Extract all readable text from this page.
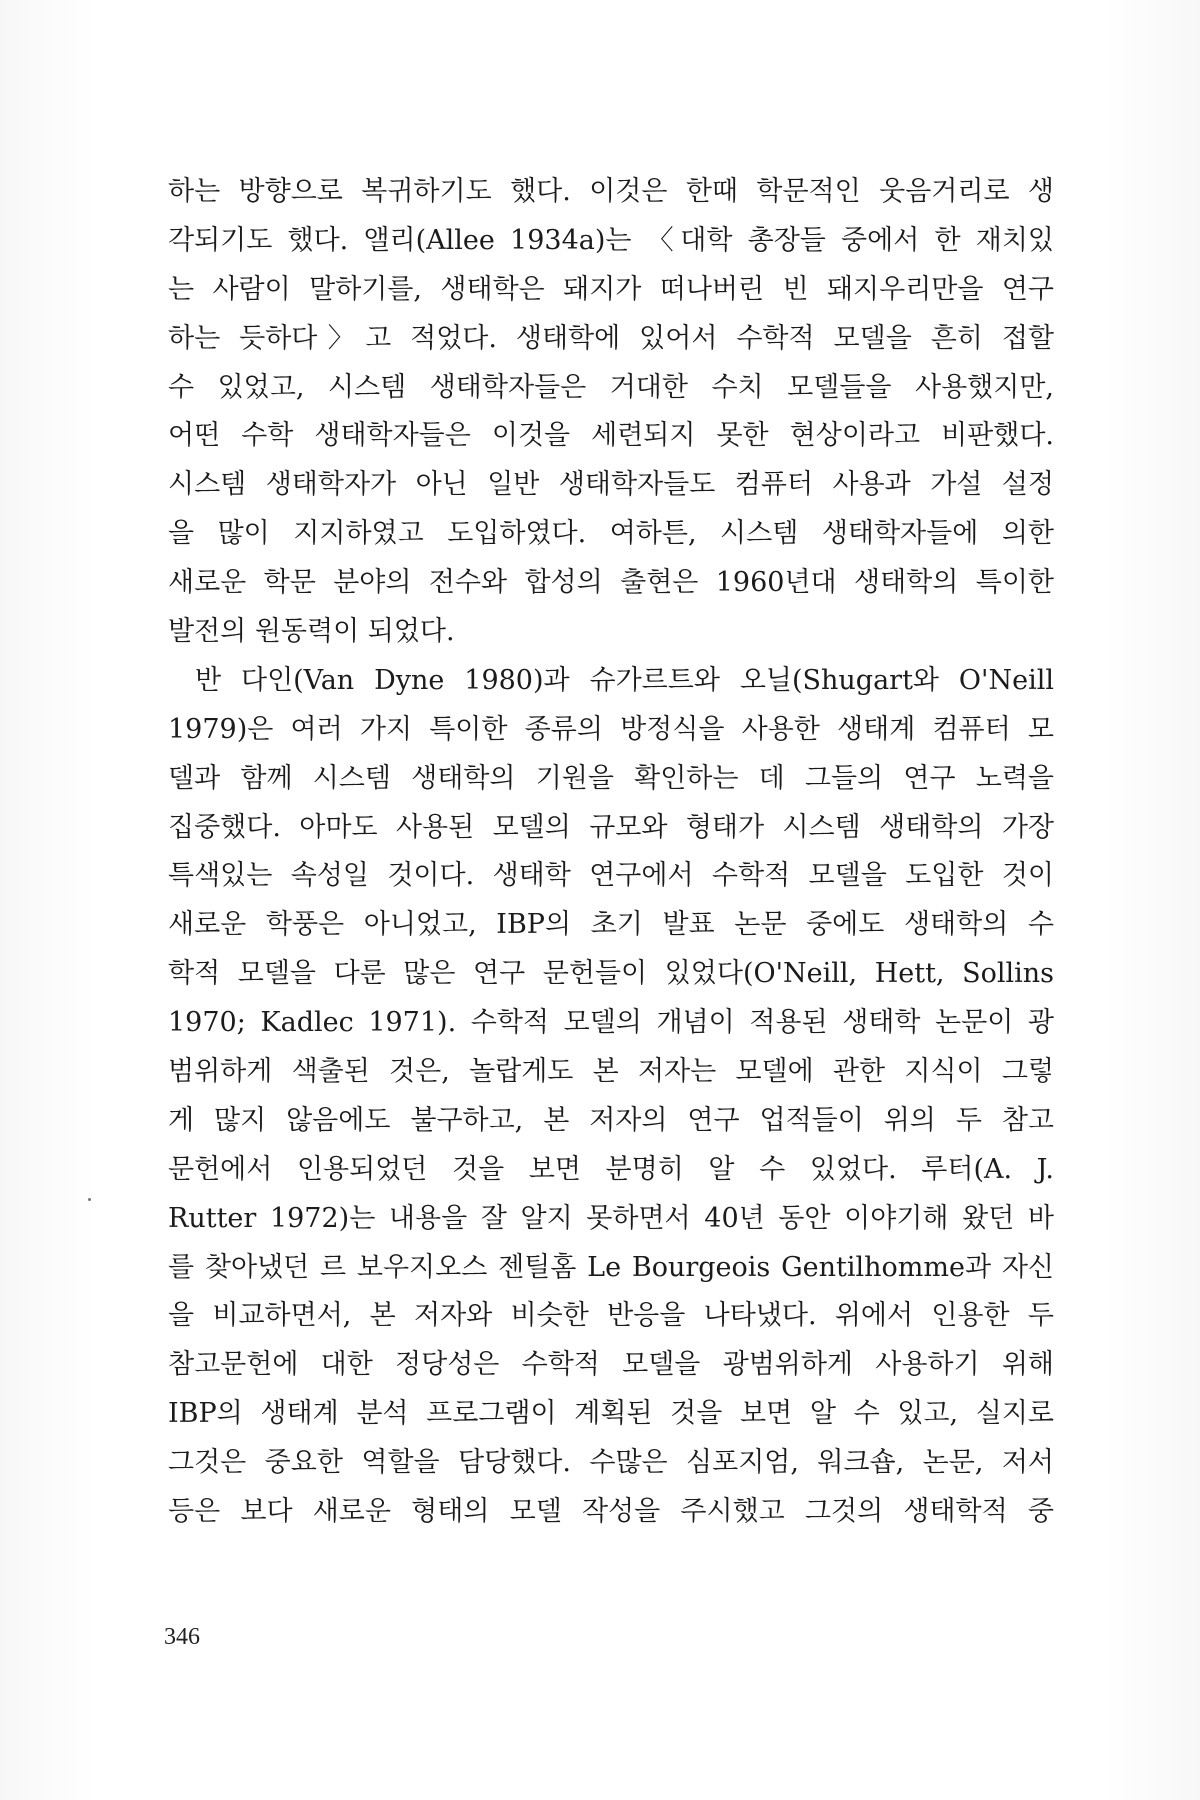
하는 방향으로 복귀하기도 했다. 이것은 한때 학문적인 웃음거리로 생
각되기도 했다. 앨리(Allee 1934a)는 〈대학 총장들 중에서 한 재치있
는 사람이 말하기를, 생태학은 돼지가 떠나버린 빈 돼지우리만을 연구
하는 듯하다〉고 적었다. 생태학에 있어서 수학적 모델을 흔히 접할
수 있었고, 시스템 생태학자들은 거대한 수치 모델들을 사용했지만,
어떤 수학 생태학자들은 이것을 세련되지 못한 현상이라고 비판했다.
시스템 생태학자가 아닌 일반 생태학자들도 컴퓨터 사용과 가설 설정
을 많이 지지하였고 도입하였다. 여하튼, 시스템 생태학자들에 의한
새로운 학문 분야의 전수와 합성의 출현은 1960년대 생태학의 특이한
발전의 원동력이 되었다.

반 다인(Van Dyne 1980)과 슈가르트와 오닐(Shugart와 O'Neill
1979)은 여러 가지 특이한 종류의 방정식을 사용한 생태계 컴퓨터 모
델과 함께 시스템 생태학의 기원을 확인하는 데 그들의 연구 노력을
집중했다. 아마도 사용된 모델의 규모와 형태가 시스템 생태학의 가장
특색있는 속성일 것이다. 생태학 연구에서 수학적 모델을 도입한 것이
새로운 학풍은 아니었고, IBP의 초기 발표 논문 중에도 생태학의 수
학적 모델을 다룬 많은 연구 문헌들이 있었다(O'Neill, Hett, Sollins
1970; Kadlec 1971). 수학적 모델의 개념이 적용된 생태학 논문이 광
범위하게 색출된 것은, 놀랍게도 본 저자는 모델에 관한 지식이 그렇
게 많지 않음에도 불구하고, 본 저자의 연구 업적들이 위의 두 참고
문헌에서 인용되었던 것을 보면 분명히 알 수 있었다. 루터(A. J.
Rutter 1972)는 내용을 잘 알지 못하면서 40년 동안 이야기해 왔던 바
를 찾아냈던 르 보우지오스 젠틸홈 Le Bourgeois Gentilhomme과 자신
을 비교하면서, 본 저자와 비슷한 반응을 나타냈다. 위에서 인용한 두
참고문헌에 대한 정당성은 수학적 모델을 광범위하게 사용하기 위해
IBP의 생태계 분석 프로그램이 계획된 것을 보면 알 수 있고, 실지로
그것은 중요한 역할을 담당했다. 수많은 심포지엄, 워크숍, 논문, 저서
등은 보다 새로운 형태의 모델 작성을 주시했고 그것의 생태학적 중

346
